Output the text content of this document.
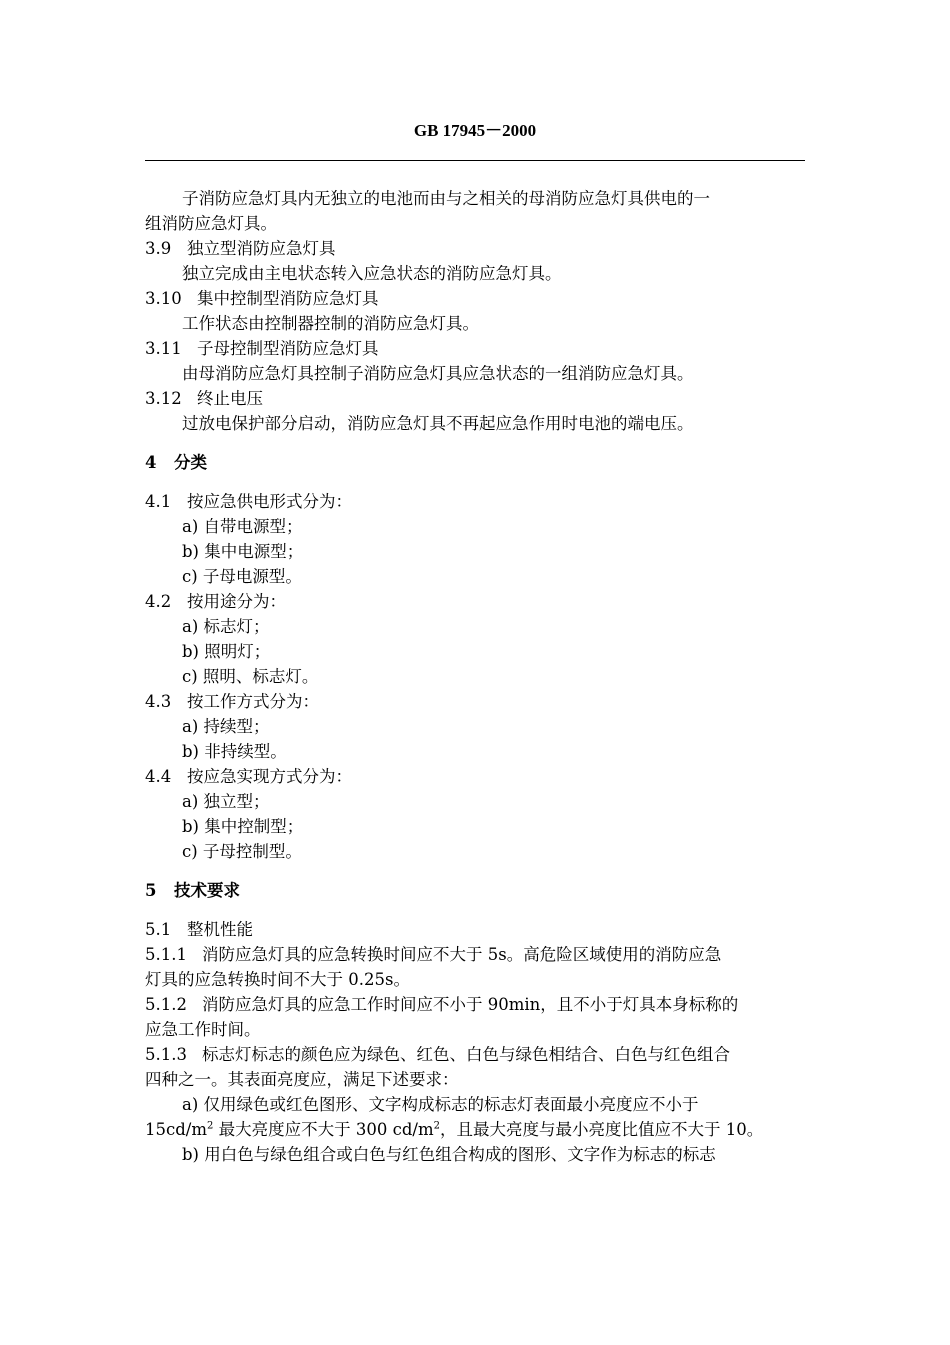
GB 17945－2000
子消防应急灯具内无独立的电池而由与之相关的母消防应急灯具供电的一
组消防应急灯具。
3.9 独立型消防应急灯具
独立完成由主电状态转入应急状态的消防应急灯具。
3.10 集中控制型消防应急灯具
工作状态由控制器控制的消防应急灯具。
3.11 子母控制型消防应急灯具
由母消防应急灯具控制子消防应急灯具应急状态的一组消防应急灯具。
3.12 终止电压
过放电保护部分启动，消防应急灯具不再起应急作用时电池的端电压。
4 分类
4.1 按应急供电形式分为：
a) 自带电源型；
b) 集中电源型；
c) 子母电源型。
4.2 按用途分为：
a) 标志灯；
b) 照明灯；
c) 照明、标志灯。
4.3 按工作方式分为：
a) 持续型；
b) 非持续型。
4.4 按应急实现方式分为：
a) 独立型；
b) 集中控制型；
c) 子母控制型。
5 技术要求
5.1 整机性能
5.1.1 消防应急灯具的应急转换时间应不大于 5s。高危险区域使用的消防应急
灯具的应急转换时间不大于 0.25s。
5.1.2 消防应急灯具的应急工作时间应不小于 90min，且不小于灯具本身标称的
应急工作时间。
5.1.3 标志灯标志的颜色应为绿色、红色、白色与绿色相结合、白色与红色组合
四种之一。其表面亮度应，满足下述要求：
a) 仅用绿色或红色图形、文字构成标志的标志灯表面最小亮度应不小于
$15cd/m^2$ 最大亮度应不大于 300 $cd/m^2$，且最大亮度与最小亮度比值应不大于 10。
b) 用白色与绿色组合或白色与红色组合构成的图形、文字作为标志的标志
